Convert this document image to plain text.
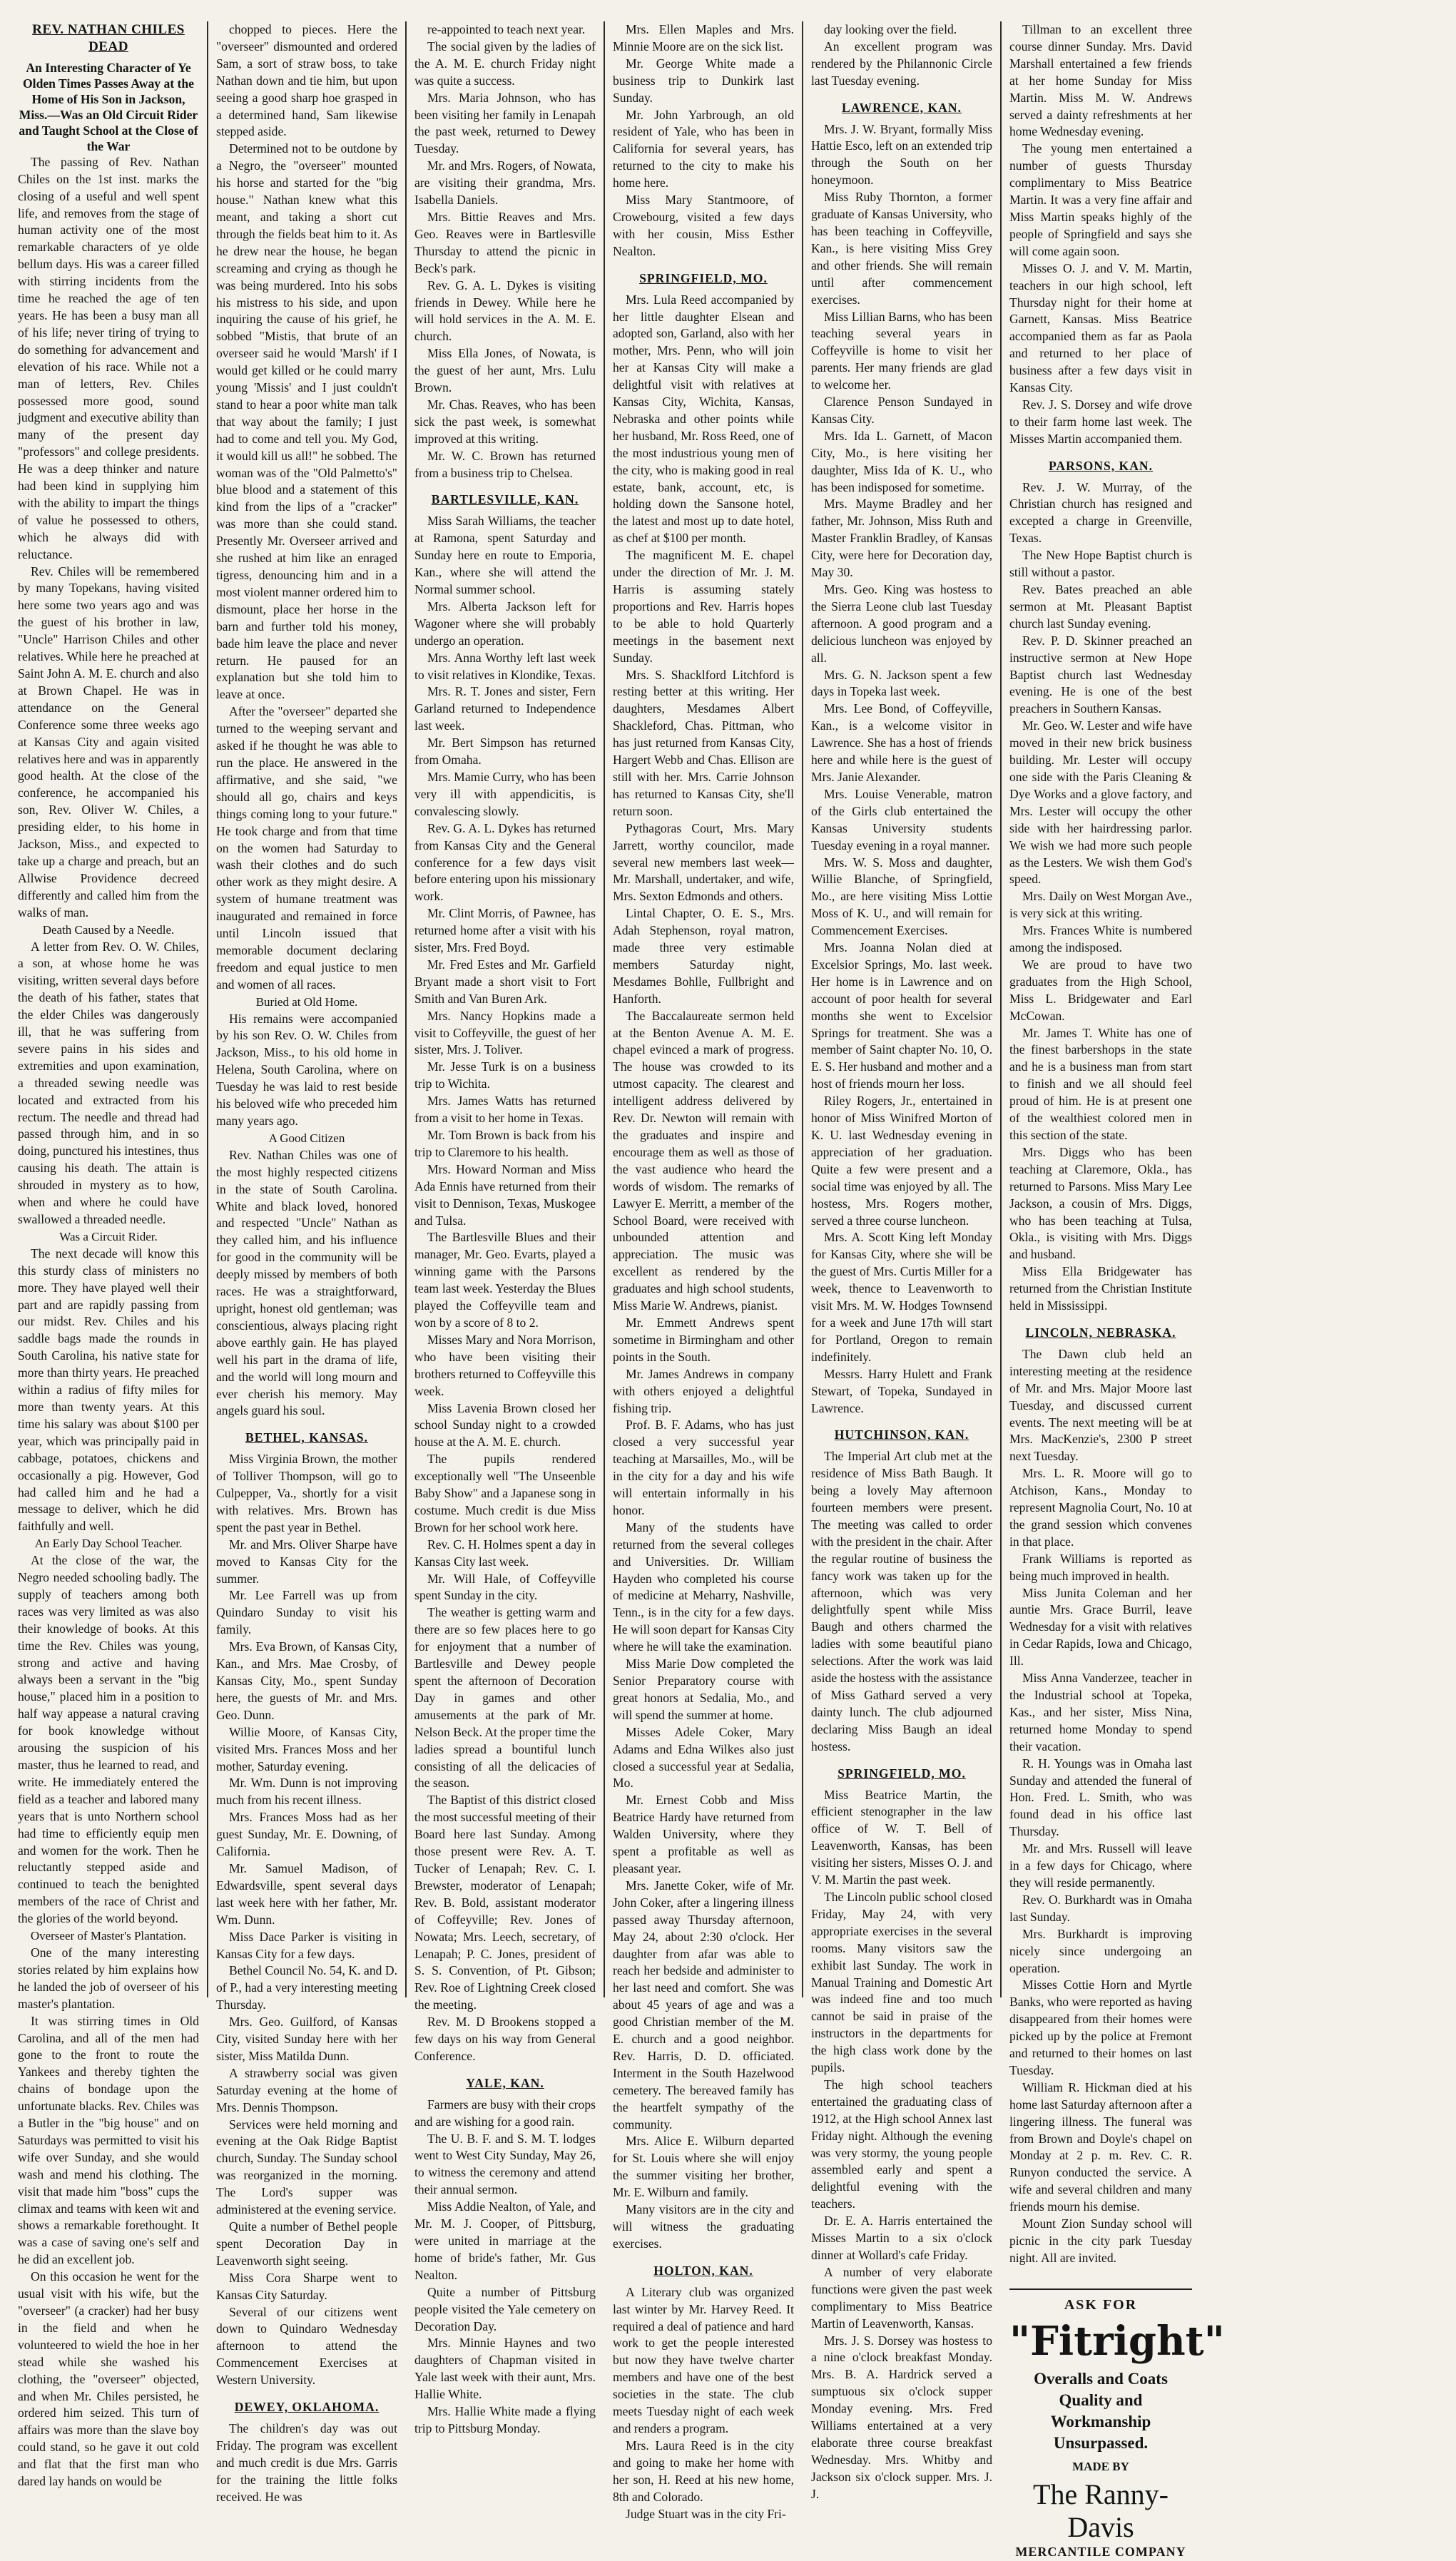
REV. NATHAN CHILES DEAD

An Interesting Character of Ye Olden Times Passes Away at the Home of His Son in Jackson, Miss.—Was an Old Circuit Rider and Taught School at the Close of the War

The passing of Rev. Nathan Chiles on the 1st inst. marks the closing of a useful and well spent life, and removes from the stage of human activity one of the most remarkable characters of ye olde bellum days. His was a career filled with stirring incidents from the time he reached the age of ten years. He has been a busy man all of his life; never tiring of trying to do something for advancement and elevation of his race. While not a man of letters, Rev. Chiles possessed more good, sound judgment and executive ability than many of the present day "professors" and college presidents. He was a deep thinker and nature had been kind in supplying him with the ability to impart the things of value he possessed to others, which he always did with reluctance.

Rev. Chiles will be remembered by many Topekans, having visited here some two years ago and was the guest of his brother in law, "Uncle" Harrison Chiles and other relatives. While here he preached at Saint John A. M. E. church and also at Brown Chapel. He was in attendance on the General Conference some three weeks ago at Kansas City and again visited relatives here and was in apparently good health. At the close of the conference, he accompanied his son, Rev. Oliver W. Chiles, a presiding elder, to his home in Jackson, Miss., and expected to take up a charge and preach, but an Allwise Providence decreed differently and called him from the walks of man.

Death Caused by a Needle.

A letter from Rev. O. W. Chiles, a son, at whose home he was visiting, written several days before the death of his father, states that the elder Chiles was dangerously ill, that he was suffering from severe pains in his sides and extremities and upon examination, a threaded sewing needle was located and extracted from his rectum. The needle and thread had passed through him, and in so doing, punctured his intestines, thus causing his death. The attain is shrouded in mystery as to how, when and where he could have swallowed a threaded needle.

Was a Circuit Rider.

The next decade will know this this sturdy class of ministers no more. They have played well their part and are rapidly passing from our midst. Rev. Chiles and his saddle bags made the rounds in South Carolina, his native state for more than thirty years. He preached within a radius of fifty miles for more than twenty years. At this time his salary was about $100 per year, which was principally paid in cabbage, potatoes, chickens and occasionally a pig. However, God had called him and he had a message to deliver, which he did faithfully and well.

An Early Day School Teacher.

At the close of the war, the Negro needed schooling badly. The supply of teachers among both races was very limited as was also their knowledge of books. At this time the Rev. Chiles was young, strong and active and having always been a servant in the "big house," placed him in a position to half way appease a natural craving for book knowledge without arousing the suspicion of his master, thus he learned to read, and write. He immediately entered the field as a teacher and labored many years that is unto Northern school had time to efficiently equip men and women for the work. Then he reluctantly stepped aside and continued to teach the benighted members of the race of Christ and the glories of the world beyond.

Overseer of Master's Plantation.

One of the many interesting stories related by him explains how he landed the job of overseer of his master's plantation.

It was stirring times in Old Carolina, and all of the men had gone to the front to route the Yankees and thereby tighten the chains of bondage upon the unfortunate blacks. Rev. Chiles was a Butler in the "big house" and on Saturdays was permitted to visit his wife over Sunday, and she would wash and mend his clothing. The visit that made him "boss" cups the climax and teams with keen wit and shows a remarkable forethought. It was a case of saving one's self and he did an excellent job.

On this occasion he went for the usual visit with his wife, but the "overseer" (a cracker) had her busy in the field and when he volunteered to wield the hoe in her stead while she washed his clothing, the "overseer" objected, and when Mr. Chiles persisted, he ordered him seized. This turn of affairs was more than the slave boy could stand, so he gave it out cold and flat that the first man who dared lay hands on would be

chopped to pieces. Here the "overseer" dismounted and ordered Sam, a sort of straw boss, to take Nathan down and tie him, but upon seeing a good sharp hoe grasped in a determined hand, Sam likewise stepped aside.

Determined not to be outdone by a Negro, the "overseer" mounted his horse and started for the "big house." Nathan knew what this meant, and taking a short cut through the fields beat him to it. As he drew near the house, he began screaming and crying as though he was being murdered. Into his sobs his mistress to his side, and upon inquiring the cause of his grief, he sobbed "Mistis, that brute of an overseer said he would 'Marsh' if I would get killed or he could marry young 'Missis' and I just couldn't stand to hear a poor white man talk that way about the family; I just had to come and tell you. My God, it would kill us all!" he sobbed. The woman was of the "Old Palmetto's" blue blood and a statement of this kind from the lips of a "cracker" was more than she could stand. Presently Mr. Overseer arrived and she rushed at him like an enraged tigress, denouncing him and in a most violent manner ordered him to dismount, place her horse in the barn and further told his money, bade him leave the place and never return. He paused for an explanation but she told him to leave at once.

After the "overseer" departed she turned to the weeping servant and asked if he thought he was able to run the place. He answered in the affirmative, and she said, "we should all go, chairs and keys things coming long to your future." He took charge and from that time on the women had Saturday to wash their clothes and do such other work as they might desire. A system of humane treatment was inaugurated and remained in force until Lincoln issued that memorable document declaring freedom and equal justice to men and women of all races.

Buried at Old Home.

His remains were accompanied by his son Rev. O. W. Chiles from Jackson, Miss., to his old home in Helena, South Carolina, where on Tuesday he was laid to rest beside his beloved wife who preceded him many years ago.

A Good Citizen

Rev. Nathan Chiles was one of the most highly respected citizens in the state of South Carolina. White and black loved, honored and respected "Uncle" Nathan as they called him, and his influence for good in the community will be deeply missed by members of both races. He was a straightforward, upright, honest old gentleman; was conscientious, always placing right above earthly gain. He has played well his part in the drama of life, and the world will long mourn and ever cherish his memory. May angels guard his soul.

BETHEL, KANSAS.

Miss Virginia Brown, the mother of Tolliver Thompson, will go to Culpepper, Va., shortly for a visit with relatives. Mrs. Brown has spent the past year in Bethel.

Mr. and Mrs. Oliver Sharpe have moved to Kansas City for the summer.

Mr. Lee Farrell was up from Quindaro Sunday to visit his family.

Mrs. Eva Brown, of Kansas City, Kan., and Mrs. Mae Crosby, of Kansas City, Mo., spent Sunday here, the guests of Mr. and Mrs. Geo. Dunn.

Willie Moore, of Kansas City, visited Mrs. Frances Moss and her mother, Saturday evening.

Mr. Wm. Dunn is not improving much from his recent illness.

Mrs. Frances Moss had as her guest Sunday, Mr. E. Downing, of California.

Mr. Samuel Madison, of Edwardsville, spent several days last week here with her father, Mr. Wm. Dunn.

Miss Dace Parker is visiting in Kansas City for a few days.

Bethel Council No. 54, K. and D. of P., had a very interesting meeting Thursday.

Mrs. Geo. Guilford, of Kansas City, visited Sunday here with her sister, Miss Matilda Dunn.

A strawberry social was given Saturday evening at the home of Mrs. Dennis Thompson.

Services were held morning and evening at the Oak Ridge Baptist church, Sunday. The Sunday school was reorganized in the morning. The Lord's supper was administered at the evening service.

Quite a number of Bethel people spent Decoration Day in Leavenworth sight seeing.

Miss Cora Sharpe went to Kansas City Saturday.

Several of our citizens went down to Quindaro Wednesday afternoon to attend the Commencement Exercises at Western University.

DEWEY, OKLAHOMA.

The children's day was out Friday. The program was excellent and much credit is due Mrs. Garris for the training the little folks received. He was

re-appointed to teach next year.

The social given by the ladies of the A. M. E. church Friday night was quite a success.

Mrs. Maria Johnson, who has been visiting her family in Lenapah the past week, returned to Dewey Tuesday.

Mr. and Mrs. Rogers, of Nowata, are visiting their grandma, Mrs. Isabella Daniels.

Mrs. Bittie Reaves and Mrs. Geo. Reaves were in Bartlesville Thursday to attend the picnic in Beck's park.

Rev. G. A. L. Dykes is visiting friends in Dewey. While here he will hold services in the A. M. E. church.

Miss Ella Jones, of Nowata, is the guest of her aunt, Mrs. Lulu Brown.

Mr. Chas. Reaves, who has been sick the past week, is somewhat improved at this writing.

Mr. W. C. Brown has returned from a business trip to Chelsea.

BARTLESVILLE, KAN.

Miss Sarah Williams, the teacher at Ramona, spent Saturday and Sunday here en route to Emporia, Kan., where she will attend the Normal summer school.

Mrs. Alberta Jackson left for Wagoner where she will probably undergo an operation.

Mrs. Anna Worthy left last week to visit relatives in Klondike, Texas.

Mrs. R. T. Jones and sister, Fern Garland returned to Independence last week.

Mr. Bert Simpson has returned from Omaha.

Mrs. Mamie Curry, who has been very ill with appendicitis, is convalescing slowly.

Rev. G. A. L. Dykes has returned from Kansas City and the General conference for a few days visit before entering upon his missionary work.

Mr. Clint Morris, of Pawnee, has returned home after a visit with his sister, Mrs. Fred Boyd.

Mr. Fred Estes and Mr. Garfield Bryant made a short visit to Fort Smith and Van Buren Ark.

Mrs. Nancy Hopkins made a visit to Coffeyville, the guest of her sister, Mrs. J. Toliver.

Mr. Jesse Turk is on a business trip to Wichita.

Mrs. James Watts has returned from a visit to her home in Texas.

Mr. Tom Brown is back from his trip to Claremore to his health.

Mrs. Howard Norman and Miss Ada Ennis have returned from their visit to Dennison, Texas, Muskogee and Tulsa.

The Bartlesville Blues and their manager, Mr. Geo. Evarts, played a winning game with the Parsons team last week. Yesterday the Blues played the Coffeyville team and won by a score of 8 to 2.

Misses Mary and Nora Morrison, who have been visiting their brothers returned to Coffeyville this week.

Miss Lavenia Brown closed her school Sunday night to a crowded house at the A. M. E. church.

The pupils rendered exceptionally well "The Unseenble Baby Show" and a Japanese song in costume. Much credit is due Miss Brown for her school work here.

Rev. C. H. Holmes spent a day in Kansas City last week.

Mr. Will Hale, of Coffeyville spent Sunday in the city.

The weather is getting warm and there are so few places here to go for enjoyment that a number of Bartlesville and Dewey people spent the afternoon of Decoration Day in games and other amusements at the park of Mr. Nelson Beck. At the proper time the ladies spread a bountiful lunch consisting of all the delicacies of the season.

The Baptist of this district closed the most successful meeting of their Board here last Sunday. Among those present were Rev. A. T. Tucker of Lenapah; Rev. C. I. Brewster, moderator of Lenapah; Rev. B. Bold, assistant moderator of Coffeyville; Rev. Jones of Nowata; Mrs. Leech, secretary, of Lenapah; P. C. Jones, president of S. S. Convention, of Pt. Gibson; Rev. Roe of Lightning Creek closed the meeting.

Rev. M. D Brookens stopped a few days on his way from General Conference.

YALE, KAN.

Farmers are busy with their crops and are wishing for a good rain.

The U. B. F. and S. M. T. lodges went to West City Sunday, May 26, to witness the ceremony and attend their annual sermon.

Miss Addie Nealton, of Yale, and Mr. M. J. Cooper, of Pittsburg, were united in marriage at the home of bride's father, Mr. Gus Nealton.

Quite a number of Pittsburg people visited the Yale cemetery on Decoration Day.

Mrs. Minnie Haynes and two daughters of Chapman visited in Yale last week with their aunt, Mrs. Hallie White.

Mrs. Hallie White made a flying trip to Pittsburg Monday.

Mrs. Ellen Maples and Mrs. Minnie Moore are on the sick list.

Mr. George White made a business trip to Dunkirk last Sunday.

Mr. John Yarbrough, an old resident of Yale, who has been in California for several years, has returned to the city to make his home here.

Miss Mary Stantmoore, of Crowebourg, visited a few days with her cousin, Miss Esther Nealton.

SPRINGFIELD, MO.

Mrs. Lula Reed accompanied by her little daughter Elsean and adopted son, Garland, also with her mother, Mrs. Penn, who will join her at Kansas City will make a delightful visit with relatives at Kansas City, Wichita, Kansas, Nebraska and other points while her husband, Mr. Ross Reed, one of the most industrious young men of the city, who is making good in real estate, bank, account, etc, is holding down the Sansone hotel, the latest and most up to date hotel, as chef at $100 per month.

The magnificent M. E. chapel under the direction of Mr. J. M. Harris is assuming stately proportions and Rev. Harris hopes to be able to hold Quarterly meetings in the basement next Sunday.

Mrs. S. Shacklford Litchford is resting better at this writing. Her daughters, Mesdames Albert Shackleford, Chas. Pittman, who has just returned from Kansas City, Hargert Webb and Chas. Ellison are still with her. Mrs. Carrie Johnson has returned to Kansas City, she'll return soon.

Pythagoras Court, Mrs. Mary Jarrett, worthy councilor, made several new members last week—Mr. Marshall, undertaker, and wife, Mrs. Sexton Edmonds and others.

Lintal Chapter, O. E. S., Mrs. Adah Stephenson, royal matron, made three very estimable members Saturday night, Mesdames Bohlle, Fullbright and Hanforth.

The Baccalaureate sermon held at the Benton Avenue A. M. E. chapel evinced a mark of progress. The house was crowded to its utmost capacity. The clearest and intelligent address delivered by Rev. Dr. Newton will remain with the graduates and inspire and encourage them as well as those of the vast audience who heard the words of wisdom. The remarks of Lawyer E. Merritt, a member of the School Board, were received with unbounded attention and appreciation. The music was excellent as rendered by the graduates and high school students, Miss Marie W. Andrews, pianist.

Mr. Emmett Andrews spent sometime in Birmingham and other points in the South.

Mr. James Andrews in company with others enjoyed a delightful fishing trip.

Prof. B. F. Adams, who has just closed a very successful year teaching at Marsailles, Mo., will be in the city for a day and his wife will entertain informally in his honor.

Many of the students have returned from the several colleges and Universities. Dr. William Hayden who completed his course of medicine at Meharry, Nashville, Tenn., is in the city for a few days. He will soon depart for Kansas City where he will take the examination.

Miss Marie Dow completed the Senior Preparatory course with great honors at Sedalia, Mo., and will spend the summer at home.

Misses Adele Coker, Mary Adams and Edna Wilkes also just closed a successful year at Sedalia, Mo.

Mr. Ernest Cobb and Miss Beatrice Hardy have returned from Walden University, where they spent a profitable as well as pleasant year.

Mrs. Janette Coker, wife of Mr. John Coker, after a lingering illness passed away Thursday afternoon, May 24, about 2:30 o'clock. Her daughter from afar was able to reach her bedside and administer to her last need and comfort. She was about 45 years of age and was a good Christian member of the M. E. church and a good neighbor. Rev. Harris, D. D. officiated. Interment in the South Hazelwood cemetery. The bereaved family has the heartfelt sympathy of the community.

Mrs. Alice E. Wilburn departed for St. Louis where she will enjoy the summer visiting her brother, Mr. E. Wilburn and family.

Many visitors are in the city and will witness the graduating exercises.

HOLTON, KAN.

A Literary club was organized last winter by Mr. Harvey Reed. It required a deal of patience and hard work to get the people interested but now they have twelve charter members and have one of the best societies in the state. The club meets Tuesday night of each week and renders a program.

Mrs. Laura Reed is in the city and going to make her home with her son, H. Reed at his new home, 8th and Colorado.

Judge Stuart was in the city Fri-

day looking over the field.

An excellent program was rendered by the Philannonic Circle last Tuesday evening.

LAWRENCE, KAN.

Mrs. J. W. Bryant, formally Miss Hattie Esco, left on an extended trip through the South on her honeymoon.

Miss Ruby Thornton, a former graduate of Kansas University, who has been teaching in Coffeyville, Kan., is here visiting Miss Grey and other friends. She will remain until after commencement exercises.

Miss Lillian Barns, who has been teaching several years in Coffeyville is home to visit her parents. Her many friends are glad to welcome her.

Clarence Penson Sundayed in Kansas City.

Mrs. Ida L. Garnett, of Macon City, Mo., is here visiting her daughter, Miss Ida of K. U., who has been indisposed for sometime.

Mrs. Mayme Bradley and her father, Mr. Johnson, Miss Ruth and Master Franklin Bradley, of Kansas City, were here for Decoration day, May 30.

Mrs. Geo. King was hostess to the Sierra Leone club last Tuesday afternoon. A good program and a delicious luncheon was enjoyed by all.

Mrs. G. N. Jackson spent a few days in Topeka last week.

Mrs. Lee Bond, of Coffeyville, Kan., is a welcome visitor in Lawrence. She has a host of friends here and while here is the guest of Mrs. Janie Alexander.

Mrs. Louise Venerable, matron of the Girls club entertained the Kansas University students Tuesday evening in a royal manner.

Mrs. W. S. Moss and daughter, Willie Blanche, of Springfield, Mo., are here visiting Miss Lottie Moss of K. U., and will remain for Commencement Exercises.

Mrs. Joanna Nolan died at Excelsior Springs, Mo. last week. Her home is in Lawrence and on account of poor health for several months she went to Excelsior Springs for treatment. She was a member of Saint chapter No. 10, O. E. S. Her husband and mother and a host of friends mourn her loss.

Riley Rogers, Jr., entertained in honor of Miss Winifred Morton of K. U. last Wednesday evening in appreciation of her graduation. Quite a few were present and a social time was enjoyed by all. The hostess, Mrs. Rogers mother, served a three course luncheon.

Mrs. A. Scott King left Monday for Kansas City, where she will be the guest of Mrs. Curtis Miller for a week, thence to Leavenworth to visit Mrs. M. W. Hodges Townsend for a week and June 17th will start for Portland, Oregon to remain indefinitely.

Messrs. Harry Hulett and Frank Stewart, of Topeka, Sundayed in Lawrence.

HUTCHINSON, KAN.

The Imperial Art club met at the residence of Miss Bath Baugh. It being a lovely May afternoon fourteen members were present. The meeting was called to order with the president in the chair. After the regular routine of business the fancy work was taken up for the afternoon, which was very delightfully spent while Miss Baugh and others charmed the ladies with some beautiful piano selections. After the work was laid aside the hostess with the assistance of Miss Gathard served a very dainty lunch. The club adjourned declaring Miss Baugh an ideal hostess.

SPRINGFIELD, MO.

Miss Beatrice Martin, the efficient stenographer in the law office of W. T. Bell of Leavenworth, Kansas, has been visiting her sisters, Misses O. J. and V. M. Martin the past week.

The Lincoln public school closed Friday, May 24, with very appropriate exercises in the several rooms. Many visitors saw the exhibit last Sunday. The work in Manual Training and Domestic Art was indeed fine and too much cannot be said in praise of the instructors in the departments for the high class work done by the pupils.

The high school teachers entertained the graduating class of 1912, at the High school Annex last Friday night. Although the evening was very stormy, the young people assembled early and spent a delightful evening with the teachers.

Dr. E. A. Harris entertained the Misses Martin to a six o'clock dinner at Wollard's cafe Friday.

A number of very elaborate functions were given the past week complimentary to Miss Beatrice Martin of Leavenworth, Kansas.

Mrs. J. S. Dorsey was hostess to a nine o'clock breakfast Monday. Mrs. B. A. Hardrick served a sumptuous six o'clock supper Monday evening. Mrs. Fred Williams entertained at a very elaborate three course breakfast Wednesday. Mrs. Whitby and Jackson six o'clock supper. Mrs. J. J.

Tillman to an excellent three course dinner Sunday. Mrs. David Marshall entertained a few friends at her home Sunday for Miss Martin. Miss M. W. Andrews served a dainty refreshments at her home Wednesday evening.

The young men entertained a number of guests Thursday complimentary to Miss Beatrice Martin. It was a very fine affair and Miss Martin speaks highly of the people of Springfield and says she will come again soon.

Misses O. J. and V. M. Martin, teachers in our high school, left Thursday night for their home at Garnett, Kansas. Miss Beatrice accompanied them as far as Paola and returned to her place of business after a few days visit in Kansas City.

Rev. J. S. Dorsey and wife drove to their farm home last week. The Misses Martin accompanied them.

PARSONS, KAN.

Rev. J. W. Murray, of the Christian church has resigned and excepted a charge in Greenville, Texas.

The New Hope Baptist church is still without a pastor.

Rev. Bates preached an able sermon at Mt. Pleasant Baptist church last Sunday evening.

Rev. P. D. Skinner preached an instructive sermon at New Hope Baptist church last Wednesday evening. He is one of the best preachers in Southern Kansas.

Mr. Geo. W. Lester and wife have moved in their new brick business building. Mr. Lester will occupy one side with the Paris Cleaning & Dye Works and a glove factory, and Mrs. Lester will occupy the other side with her hairdressing parlor. We wish we had more such people as the Lesters. We wish them God's speed.

Mrs. Daily on West Morgan Ave., is very sick at this writing.

Mrs. Frances White is numbered among the indisposed.

We are proud to have two graduates from the High School, Miss L. Bridgewater and Earl McCowan.

Mr. James T. White has one of the finest barbershops in the state and he is a business man from start to finish and we all should feel proud of him. He is at present one of the wealthiest colored men in this section of the state.

Mrs. Diggs who has been teaching at Claremore, Okla., has returned to Parsons. Miss Mary Lee Jackson, a cousin of Mrs. Diggs, who has been teaching at Tulsa, Okla., is visiting with Mrs. Diggs and husband.

Miss Ella Bridgewater has returned from the Christian Institute held in Mississippi.

LINCOLN, NEBRASKA.

The Dawn club held an interesting meeting at the residence of Mr. and Mrs. Major Moore last Tuesday, and discussed current events. The next meeting will be at Mrs. MacKenzie's, 2300 P street next Tuesday.

Mrs. L. R. Moore will go to Atchison, Kans., Monday to represent Magnolia Court, No. 10 at the grand session which convenes in that place.

Frank Williams is reported as being much improved in health.

Miss Junita Coleman and her auntie Mrs. Grace Burril, leave Wednesday for a visit with relatives in Cedar Rapids, Iowa and Chicago, Ill.

Miss Anna Vanderzee, teacher in the Industrial school at Topeka, Kas., and her sister, Miss Nina, returned home Monday to spend their vacation.

R. H. Youngs was in Omaha last Sunday and attended the funeral of Hon. Fred. L. Smith, who was found dead in his office last Thursday.

Mr. and Mrs. Russell will leave in a few days for Chicago, where they will reside permanently.

Rev. O. Burkhardt was in Omaha last Sunday.

Mrs. Burkhardt is improving nicely since undergoing an operation.

Misses Cottie Horn and Myrtle Banks, who were reported as having disappeared from their homes were picked up by the police at Fremont and returned to their homes on last Tuesday.

William R. Hickman died at his home last Saturday afternoon after a lingering illness. The funeral was from Brown and Doyle's chapel on Monday at 2 p. m. Rev. C. R. Runyon conducted the service. A wife and several children and many friends mourn his demise.

Mount Zion Sunday school will picnic in the city park Tuesday night. All are invited.

ASK FOR
"Fitright"
Overalls and Coats
Quality and Workmanship
Unsurpassed.
MADE BY
The Ranny-Davis
MERCANTILE COMPANY
